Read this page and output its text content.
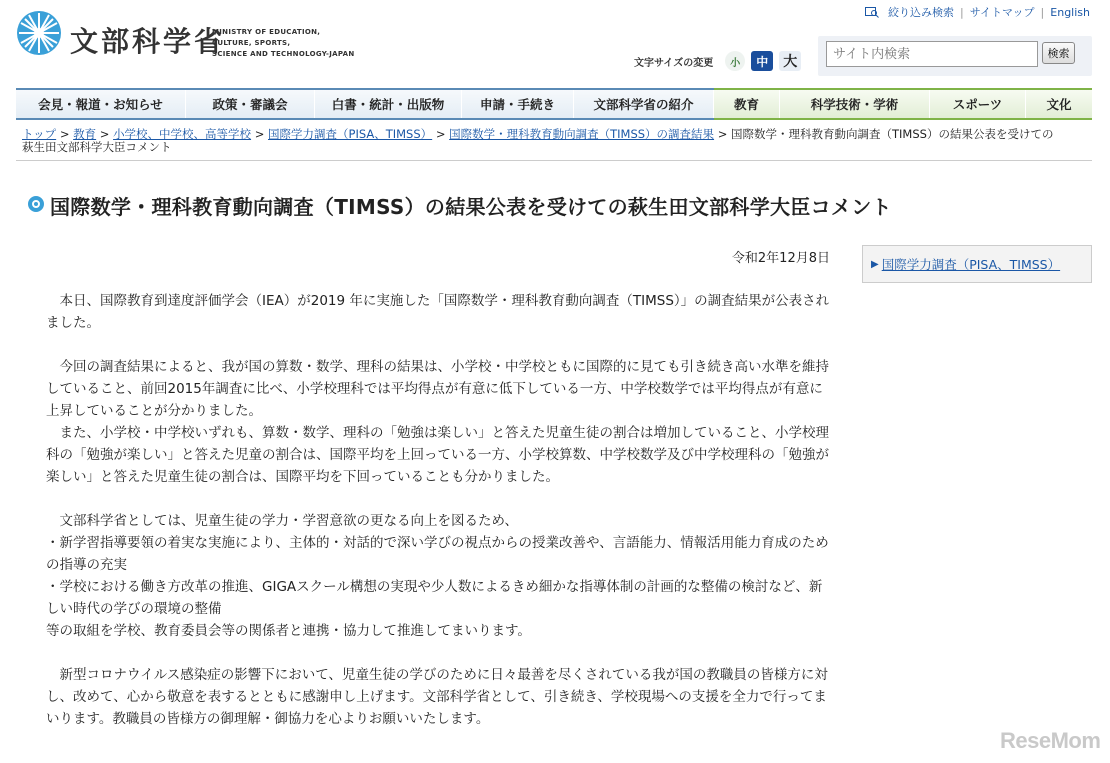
文部科学省
MINISTRY OF EDUCATION,
CULTURE, SPORTS,
SCIENCE AND TECHNOLOGY-JAPAN
絞り込み検索 | サイトマップ | English
文字サイズの変更	小	中	大
サイト内検索
検索
会見・報道・お知らせ	政策・審議会	白書・統計・出版物	申請・手続き	文部科学省の紹介	教育	科学技術・学術	スポーツ	文化
トップ > 教育 > 小学校、中学校、高等学校 > 国際学力調査（PISA、TIMSS） > 国際数学・理科教育動向調査（TIMSS）の調査結果 > 国際数学・理科教育動向調査（TIMSS）の結果公表を受けての
萩生田文部科学大臣コメント
国際数学・理科教育動向調査（TIMSS）の結果公表を受けての萩生田文部科学大臣コメント
令和2年12月8日

　本日、国際教育到達度評価学会（IEA）が2019 年に実施した「国際数学・理科教育動向調査（TIMSS）」の調査結果が公表されました。

　今回の調査結果によると、我が国の算数・数学、理科の結果は、小学校・中学校ともに国際的に見ても引き続き高い水準を維持していること、前回2015年調査に比べ、小学校理科では平均得点が有意に低下している一方、中学校数学では平均得点が有意に上昇していることが分かりました。

　また、小学校・中学校いずれも、算数・数学、理科の「勉強は楽しい」と答えた児童生徒の割合は増加していること、小学校理科の「勉強が楽しい」と答えた児童の割合は、国際平均を上回っている一方、小学校算数、中学校数学及び中学校理科の「勉強が楽しい」と答えた児童生徒の割合は、国際平均を下回っていることも分かりました。

　文部科学省としては、児童生徒の学力・学習意欲の更なる向上を図るため、
・新学習指導要領の着実な実施により、主体的・対話的で深い学びの視点からの授業改善や、言語能力、情報活用能力育成のための指導の充実
・学校における働き方改革の推進、GIGAスクール構想の実現や少人数によるきめ細かな指導体制の計画的な整備の検討など、新しい時代の学びの環境の整備

等の取組を学校、教育委員会等の関係者と連携・協力して推進してまいります。

　新型コロナウイルス感染症の影響下において、児童生徒の学びのために日々最善を尽くされている我が国の教職員の皆様方に対し、改めて、心から敬意を表するとともに感謝申し上げます。文部科学省として、引き続き、学校現場への支援を全力で行ってまいります。教職員の皆様方の御理解・御協力を心よりお願いいたします。

▶ 国際学力調査（PISA、TIMSS）
ReseMom
